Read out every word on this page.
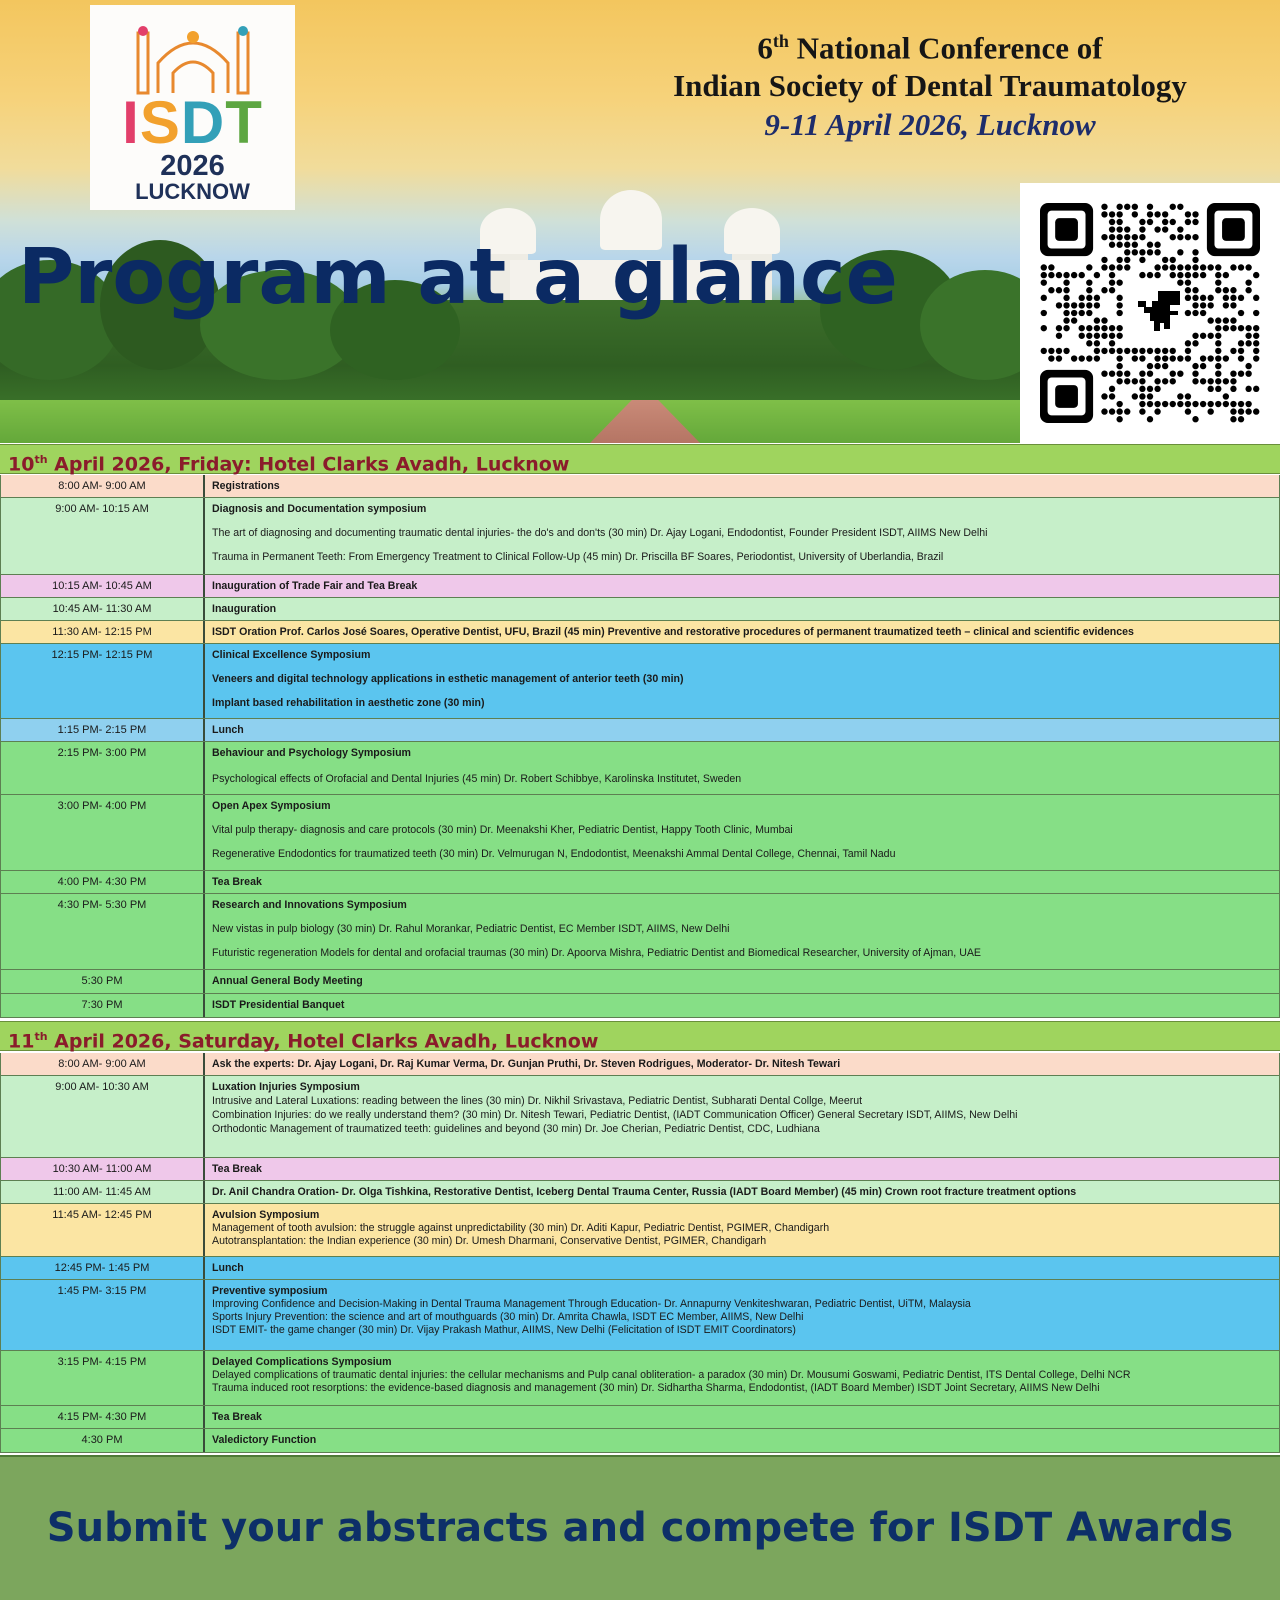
ISDT
2026
LUCKNOW
6th National Conference of
Indian Society of Dental Traumatology
9-11 April 2026, Lucknow
Program at a glance
10th April 2026, Friday: Hotel Clarks Avadh, Lucknow
8:00 AM- 9:00 AM	Registrations

9:00 AM- 10:15 AM	Diagnosis and Documentation symposium

The art of diagnosing and documenting traumatic dental injuries- the do's and don'ts (30 min) Dr. Ajay Logani, Endodontist, Founder President ISDT, AIIMS New Delhi

Trauma in Permanent Teeth: From Emergency Treatment to Clinical Follow-Up (45 min) Dr. Priscilla BF Soares, Periodontist, University of Uberlandia, Brazil

10:15 AM- 10:45 AM	Inauguration of Trade Fair and Tea Break

10:45 AM- 11:30 AM	Inauguration

11:30 AM- 12:15 PM	ISDT Oration Prof. Carlos José Soares, Operative Dentist, UFU, Brazil (45 min) Preventive and restorative procedures of permanent traumatized teeth – clinical and scientific evidences

12:15 PM- 12:15 PM	Clinical Excellence Symposium

Veneers and digital technology applications in esthetic management of anterior teeth (30 min)

Implant based rehabilitation in aesthetic zone (30 min)

1:15 PM- 2:15 PM	Lunch

2:15 PM- 3:00 PM	Behaviour and Psychology Symposium

Psychological effects of Orofacial and Dental Injuries (45 min) Dr. Robert Schibbye, Karolinska Institutet, Sweden

3:00 PM- 4:00 PM	Open Apex Symposium

Vital pulp therapy- diagnosis and care protocols (30 min) Dr. Meenakshi Kher, Pediatric Dentist, Happy Tooth Clinic, Mumbai

Regenerative Endodontics for traumatized teeth (30 min) Dr. Velmurugan N, Endodontist, Meenakshi Ammal Dental College, Chennai, Tamil Nadu

4:00 PM- 4:30 PM	Tea Break

4:30 PM- 5:30 PM	Research and Innovations Symposium

New vistas in pulp biology (30 min) Dr. Rahul Morankar, Pediatric Dentist, EC Member ISDT, AIIMS, New Delhi

Futuristic regeneration Models for dental and orofacial traumas (30 min) Dr. Apoorva Mishra, Pediatric Dentist and Biomedical Researcher, University of Ajman, UAE

5:30 PM	Annual General Body Meeting

7:30 PM	ISDT Presidential Banquet

11th April 2026, Saturday, Hotel Clarks Avadh, Lucknow
8:00 AM- 9:00 AM	Ask the experts: Dr. Ajay Logani, Dr. Raj Kumar Verma, Dr. Gunjan Pruthi, Dr. Steven Rodrigues, Moderator- Dr. Nitesh Tewari

9:00 AM- 10:30 AM	Luxation Injuries Symposium

Intrusive and Lateral Luxations: reading between the lines (30 min) Dr. Nikhil Srivastava, Pediatric Dentist, Subharati Dental Collge, Meerut

Combination Injuries: do we really understand them? (30 min) Dr. Nitesh Tewari, Pediatric Dentist, (IADT Communication Officer) General Secretary ISDT, AIIMS, New Delhi

Orthodontic Management of traumatized teeth: guidelines and beyond (30 min) Dr. Joe Cherian, Pediatric Dentist, CDC, Ludhiana

10:30 AM- 11:00 AM	Tea Break

11:00 AM- 11:45 AM	Dr. Anil Chandra Oration- Dr. Olga Tishkina, Restorative Dentist, Iceberg Dental Trauma Center, Russia (IADT Board Member) (45 min) Crown root fracture treatment options

11:45 AM- 12:45 PM	Avulsion Symposium

Management of tooth avulsion: the struggle against unpredictability (30 min) Dr. Aditi Kapur, Pediatric Dentist, PGIMER, Chandigarh

Autotransplantation: the Indian experience (30 min) Dr. Umesh Dharmani, Conservative Dentist, PGIMER, Chandigarh

12:45 PM- 1:45 PM	Lunch

1:45 PM- 3:15 PM	Preventive symposium

Improving Confidence and Decision-Making in Dental Trauma Management Through Education- Dr. Annapurny Venkiteshwaran, Pediatric Dentist, UiTM, Malaysia

Sports Injury Prevention: the science and art of mouthguards (30 min) Dr. Amrita Chawla, ISDT EC Member, AIIMS, New Delhi

ISDT EMIT- the game changer (30 min) Dr. Vijay Prakash Mathur, AIIMS, New Delhi (Felicitation of ISDT EMIT Coordinators)

3:15 PM- 4:15 PM	Delayed Complications Symposium

Delayed complications of traumatic dental injuries: the cellular mechanisms and Pulp canal obliteration- a paradox (30 min) Dr. Mousumi Goswami, Pediatric Dentist, ITS Dental College, Delhi NCR

Trauma induced root resorptions: the evidence-based diagnosis and management (30 min) Dr. Sidhartha Sharma, Endodontist, (IADT Board Member) ISDT Joint Secretary, AIIMS New Delhi

4:15 PM- 4:30 PM	Tea Break

4:30 PM	Valedictory Function

Submit your abstracts and compete for ISDT Awards
